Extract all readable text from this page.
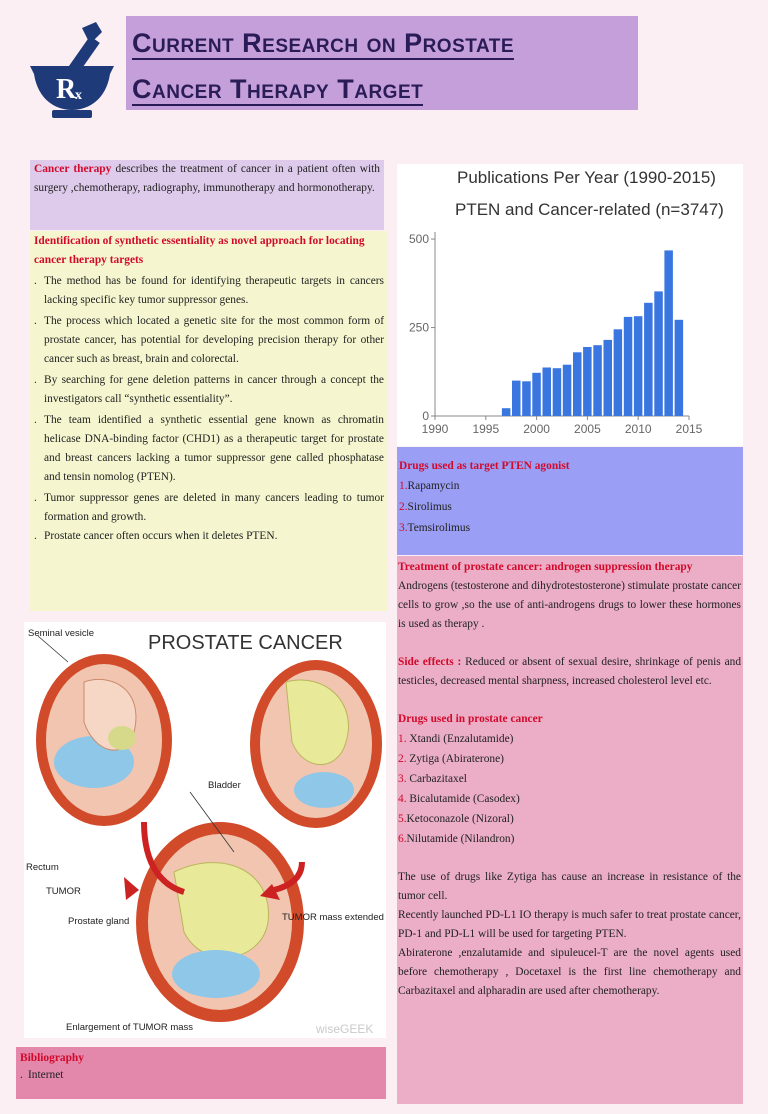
R
x
Current Research on Prostate
Cancer Therapy Target
Cancer therapy describes the treatment of cancer in a patient often with surgery ,chemotherapy, radiography, immunotherapy and hormonotherapy.
Identification of synthetic essentiality as novel approach for locating cancer therapy targets
. The method has be found for identifying therapeutic targets in cancers lacking specific key tumor suppressor genes.
. The process which located a genetic site for the most common form of prostate cancer, has potential for developing precision therapy for other cancer such as breast, brain and colorectal.
. By searching for gene deletion patterns in cancer through a concept the investigators call “synthetic essentiality”.
. The team identified a synthetic essential gene known as chromatin helicase DNA-binding factor (CHD1) as a therapeutic target for prostate and breast cancers lacking a tumor suppressor gene called phosphatase and tensin nomolog (PTEN).
. Tumor suppressor genes are deleted in many cancers leading to tumor formation and growth.
. Prostate cancer often occurs when it deletes PTEN.
Publications Per Year (1990-2015)
PTEN and Cancer-related (n=3747)
0
250
500
1990 1995 2000 2005 2010 2015
Drugs used as target PTEN agonist
1.Rapamycin
2.Sirolimus
3.Temsirolimus
Treatment of prostate cancer: androgen suppression therapy
Androgens (testosterone and dihydrotestosterone) stimulate prostate cancer cells to grow ,so the use of anti-androgens drugs to lower these hormones is used as therapy .
Side effects : Reduced or absent of sexual desire, shrinkage of penis and testicles, decreased mental sharpness, increased cholesterol level etc.
Drugs used in prostate cancer
1. Xtandi (Enzalutamide)
2. Zytiga (Abiraterone)
3. Carbazitaxel
4. Bicalutamide (Casodex)
5.Ketoconazole (Nizoral)
6.Nilutamide (Nilandron)
The use of drugs like Zytiga has cause an increase in resistance of the tumor cell.
Recently launched PD-L1 IO therapy is much safer to treat prostate cancer, PD-1 and PD-L1 will be used for targeting PTEN.
Abiraterone ,enzalutamide and sipuleucel-T are the novel agents used before chemotherapy , Docetaxel is the first line chemotherapy and Carbazitaxel and alpharadin are used after chemotherapy.
PROSTATE CANCER
Seminal vesicle
Bladder
Rectum
TUMOR
Prostate gland	TUMOR mass extended
Enlargement of TUMOR mass	wiseGEEK
Bibliography
. Internet
